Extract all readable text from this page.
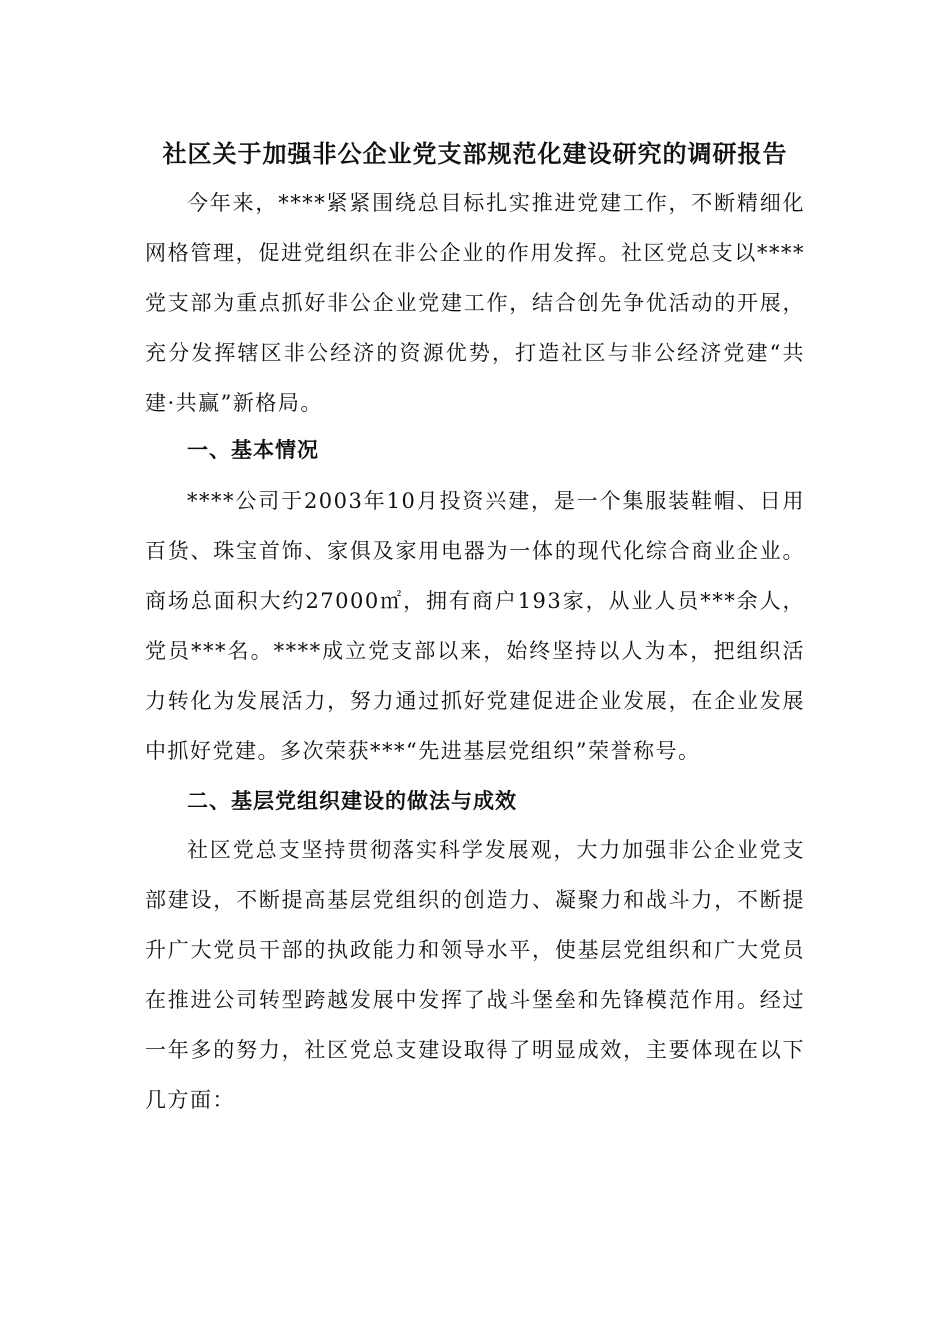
社区关于加强非公企业党支部规范化建设研究的调研报告
今年来，****紧紧围绕总目标扎实推进党建工作，不断精细化网格管理，促进党组织在非公企业的作用发挥。社区党总支以****党支部为重点抓好非公企业党建工作，结合创先争优活动的开展，充分发挥辖区非公经济的资源优势，打造社区与非公经济党建“共建·共赢”新格局。
一、基本情况
****公司于2003年10月投资兴建，是一个集服装鞋帽、日用百货、珠宝首饰、家俱及家用电器为一体的现代化综合商业企业。商场总面积大约27000㎡，拥有商户193家，从业人员***余人，党员***名。****成立党支部以来，始终坚持以人为本，把组织活力转化为发展活力，努力通过抓好党建促进企业发展，在企业发展中抓好党建。多次荣获***“先进基层党组织”荣誉称号。
二、基层党组织建设的做法与成效
社区党总支坚持贯彻落实科学发展观，大力加强非公企业党支部建设，不断提高基层党组织的创造力、凝聚力和战斗力，不断提升广大党员干部的执政能力和领导水平，使基层党组织和广大党员在推进公司转型跨越发展中发挥了战斗堡垒和先锋模范作用。经过一年多的努力，社区党总支建设取得了明显成效，主要体现在以下几方面：
